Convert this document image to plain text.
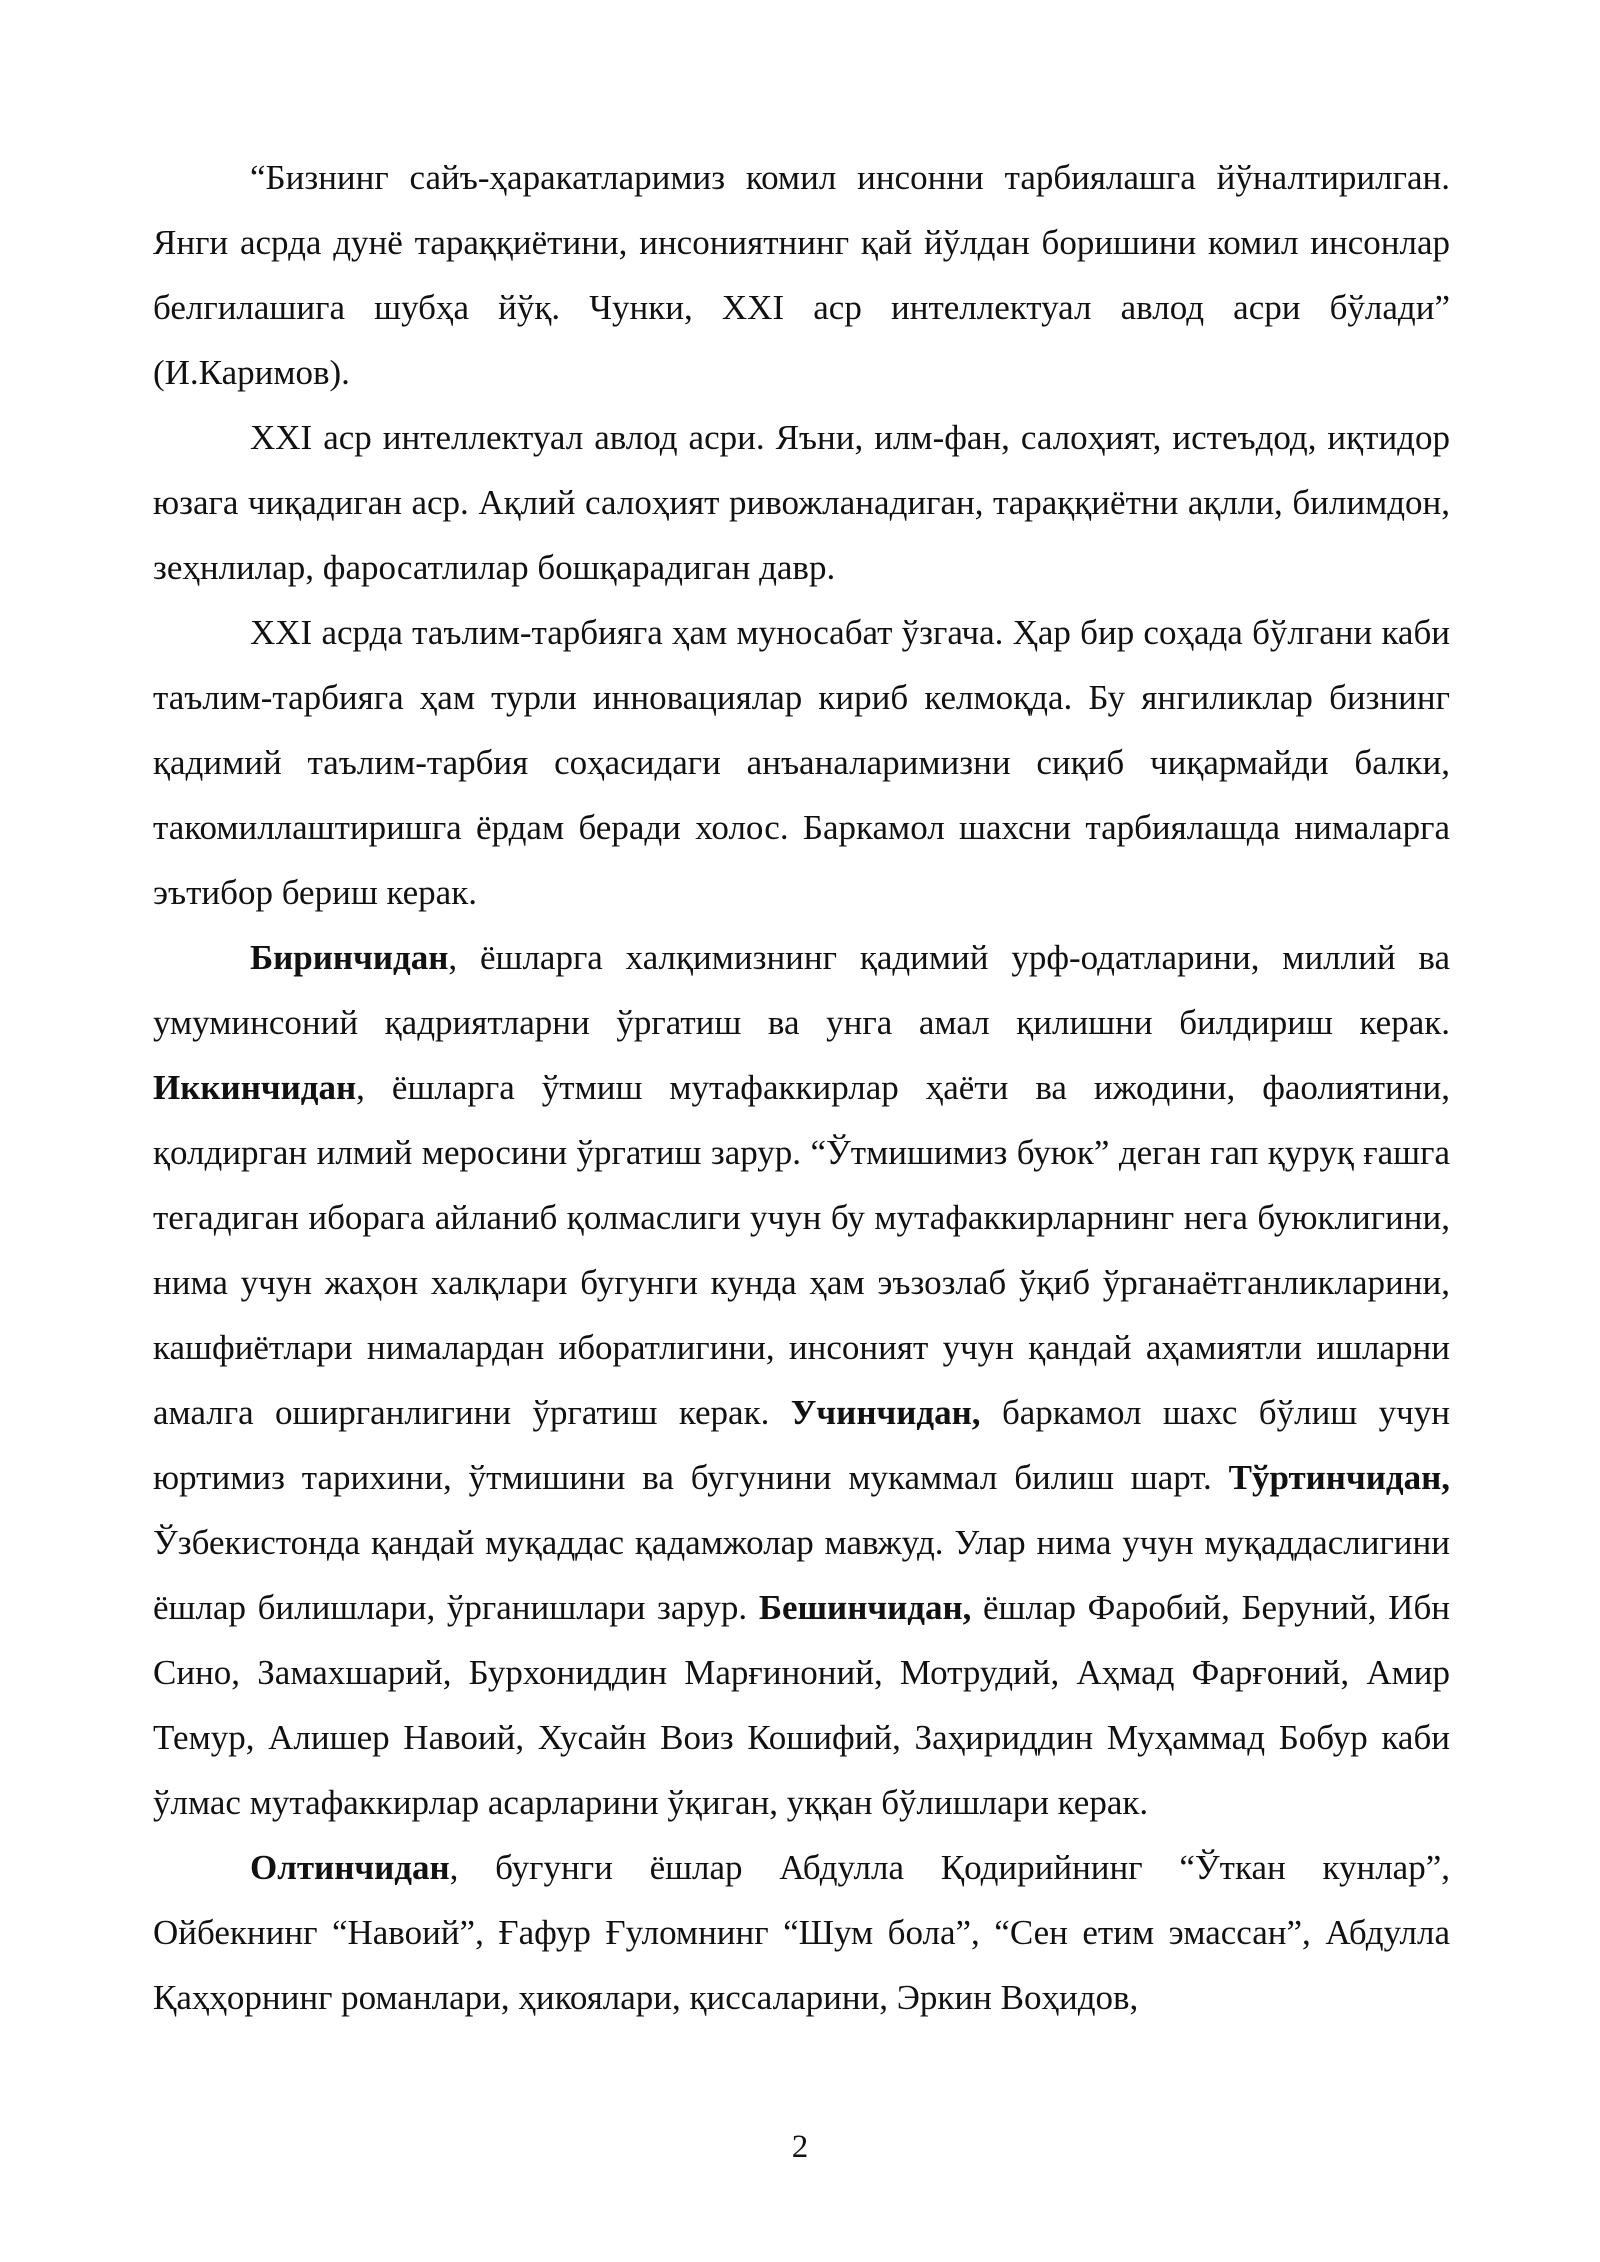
“Бизнинг сайъ-ҳаракатларимиз комил инсонни тарбиялашга йўналтирилган. Янги асрда дунё тараққиётини, инсониятнинг қай йўлдан боришини комил инсонлар белгилашига шубҳа йўқ. Чунки, XXI аср интеллектуал авлод асри бўлади” (И.Каримов).

XXI аср интеллектуал авлод асри. Яъни, илм-фан, салоҳият, истеъдод, иқтидор юзага чиқадиган аср. Ақлий салоҳият ривожланадиган, тараққиётни ақлли, билимдон, зеҳнлилар, фаросатлилар бошқарадиган давр.

XXI асрда таълим-тарбияга ҳам муносабат ўзгача. Ҳар бир соҳада бўлгани каби таълим-тарбияга ҳам турли инновациялар кириб келмоқда. Бу янгиликлар бизнинг қадимий таълим-тарбия соҳасидаги анъаналаримизни сиқиб чиқармайди балки, такомиллаштиришга ёрдам беради холос. Баркамол шахсни тарбиялашда нималарга эътибор бериш керак.

Биринчидан, ёшларга халқимизнинг қадимий урф-одатларини, миллий ва умуминсоний қадриятларни ўргатиш ва унга амал қилишни билдириш керак. Иккинчидан, ёшларга ўтмиш мутафаккирлар ҳаёти ва ижодини, фаолиятини, қолдирган илмий меросини ўргатиш зарур. “Ўтмишимиз буюк” деган гап қуруқ ғашга тегадиган иборага айланиб қолмаслиги учун бу мутафаккирларнинг нега буюклигини, нима учун жаҳон халқлари бугунги кунда ҳам эъзозлаб ўқиб ўрганаётганликларини, кашфиётлари нималардан иборатлигини, инсоният учун қандай аҳамиятли ишларни амалга оширганлигини ўргатиш керак. Учинчидан, баркамол шахс бўлиш учун юртимиз тарихини, ўтмишини ва бугунини мукаммал билиш шарт. Тўртинчидан, Ўзбекистонда қандай муқаддас қадамжолар мавжуд. Улар нима учун муқаддаслигини ёшлар билишлари, ўрганишлари зарур. Бешинчидан, ёшлар Фаробий, Беруний, Ибн Сино, Замахшарий, Бурхониддин Марғиноний, Мотрудий, Аҳмад Фарғоний, Амир Темур, Алишер Навоий, Хусайн Воиз Кошифий, Заҳириддин Муҳаммад Бобур каби ўлмас мутафаккирлар асарларини ўқиган, уққан бўлишлари керак.

Олтинчидан, бугунги ёшлар Абдулла Қодирийнинг “Ўткан кунлар”, Ойбекнинг “Навоий”, Ғафур Ғуломнинг “Шум бола”, “Сен етим эмассан”, Абдулла Қаҳҳорнинг романлари, ҳикоялари, қиссаларини, Эркин Воҳидов,

2
